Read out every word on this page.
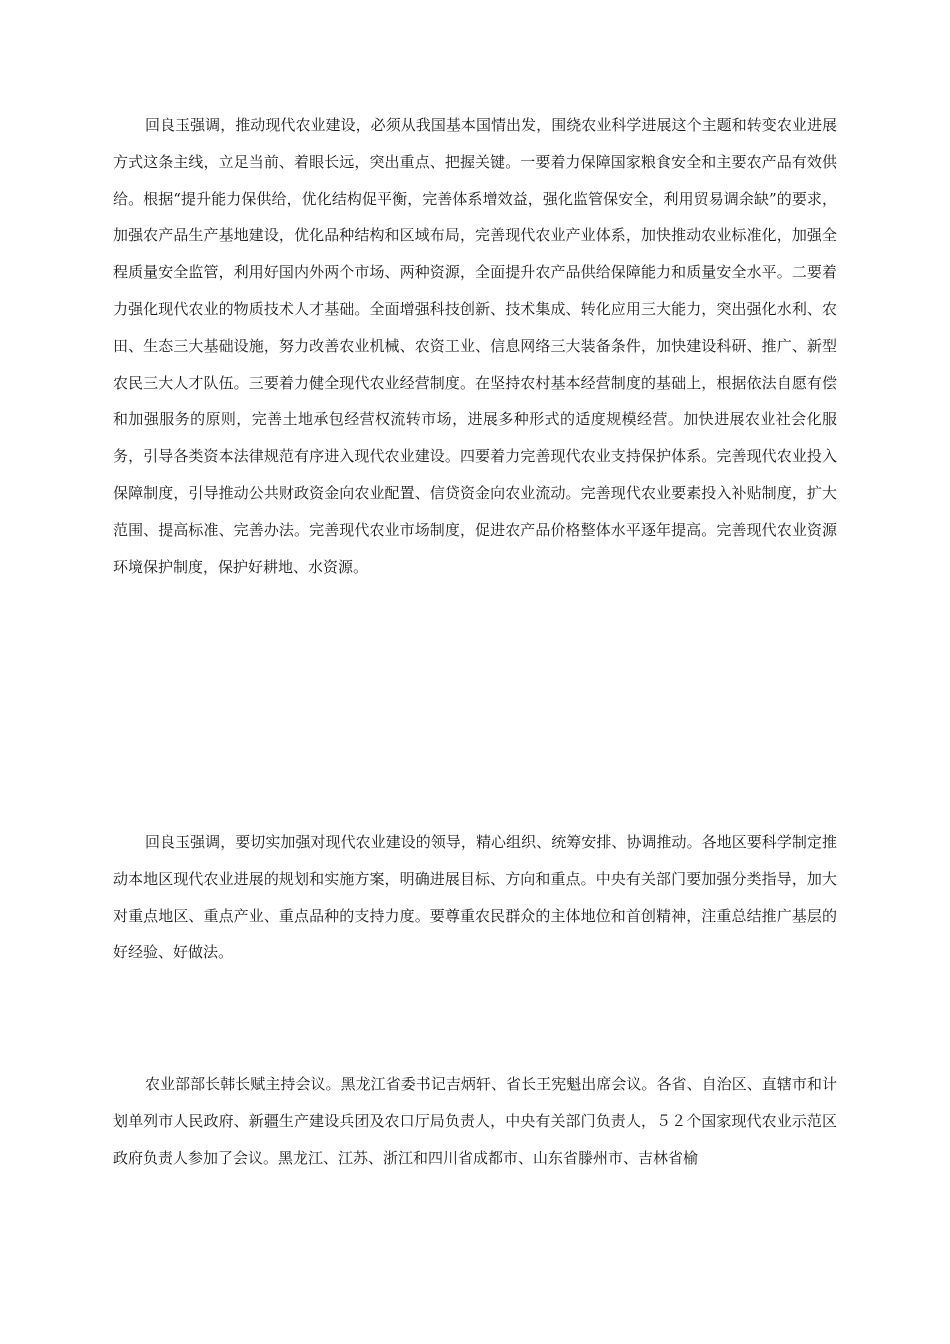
回良玉强调，推动现代农业建设，必须从我国基本国情出发，围绕农业科学进展这个主题和转变农业进展方式这条主线，立足当前、着眼长远，突出重点、把握关键。一要着力保障国家粮食安全和主要农产品有效供给。根据“提升能力保供给，优化结构促平衡，完善体系增效益，强化监管保安全，利用贸易调余缺”的要求，加强农产品生产基地建设，优化品种结构和区域布局，完善现代农业产业体系，加快推动农业标准化，加强全程质量安全监管，利用好国内外两个市场、两种资源，全面提升农产品供给保障能力和质量安全水平。二要着力强化现代农业的物质技术人才基础。全面增强科技创新、技术集成、转化应用三大能力，突出强化水利、农田、生态三大基础设施，努力改善农业机械、农资工业、信息网络三大装备条件，加快建设科研、推广、新型农民三大人才队伍。三要着力健全现代农业经营制度。在坚持农村基本经营制度的基础上，根据依法自愿有偿和加强服务的原则，完善土地承包经营权流转市场，进展多种形式的适度规模经营。加快进展农业社会化服务，引导各类资本法律规范有序进入现代农业建设。四要着力完善现代农业支持保护体系。完善现代农业投入保障制度，引导推动公共财政资金向农业配置、信贷资金向农业流动。完善现代农业要素投入补贴制度，扩大范围、提高标准、完善办法。完善现代农业市场制度，促进农产品价格整体水平逐年提高。完善现代农业资源环境保护制度，保护好耕地、水资源。

回良玉强调，要切实加强对现代农业建设的领导，精心组织、统筹安排、协调推动。各地区要科学制定推动本地区现代农业进展的规划和实施方案，明确进展目标、方向和重点。中央有关部门要加强分类指导，加大对重点地区、重点产业、重点品种的支持力度。要尊重农民群众的主体地位和首创精神，注重总结推广基层的好经验、好做法。

农业部部长韩长赋主持会议。黑龙江省委书记吉炳轩、省长王宪魁出席会议。各省、自治区、直辖市和计划单列市人民政府、新疆生产建设兵团及农口厅局负责人，中央有关部门负责人，５２个国家现代农业示范区政府负责人参加了会议。黑龙江、江苏、浙江和四川省成都市、山东省滕州市、吉林省榆
